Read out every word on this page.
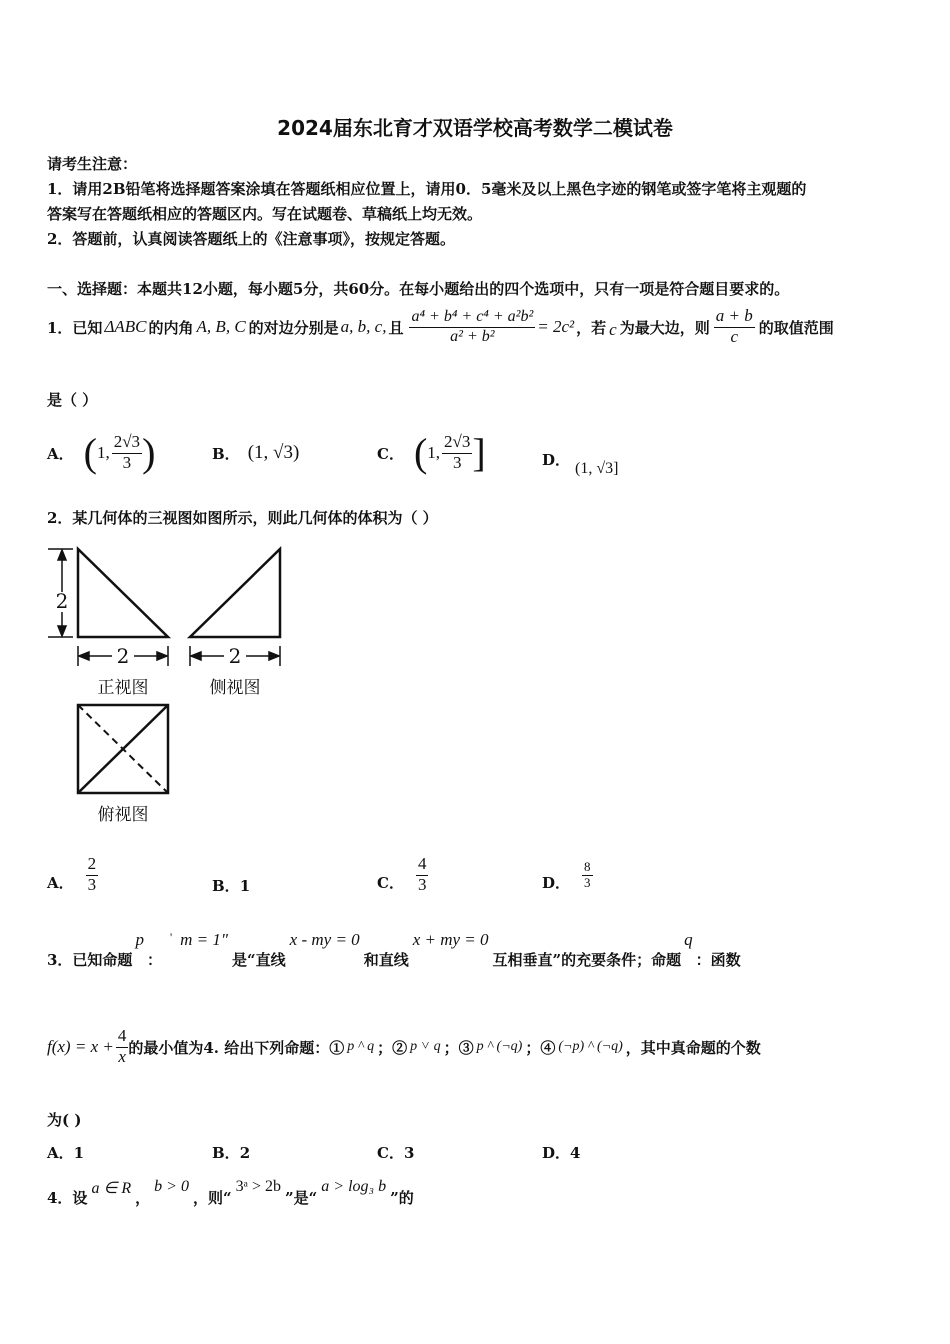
2024届东北育才双语学校高考数学二模试卷
请考生注意：
1．请用2B铅笔将选择题答案涂填在答题纸相应位置上，请用0．5毫米及以上黑色字迹的钢笔或签字笔将主观题的
答案写在答题纸相应的答题区内。写在试题卷、草稿纸上均无效。
2．答题前，认真阅读答题纸上的《注意事项》，按规定答题。
一、选择题：本题共12小题，每小题5分，共60分。在每小题给出的四个选项中，只有一项是符合题目要求的。
1．已知 ΔABC 的内角 A, B, C 的对边分别是 a, b, c, 且 $\frac{\text{a⁴ + b⁴ + c⁴ + a²b²}}{\text{a² + b²}} = 2c^2$ ，若 c 为最大边，则 $\frac{a + b}{c}$ 的取值范围
是（ ）
A． ( 1, $\frac{2√3}{3}$ )	B． (1, √3)	C． ( 1, $\frac{2√3}{3}$ ]	D． (1, √3]
2．某几何体的三视图如图所示，则此几何体的体积为（ ）
2
2	2
正视图	侧视图
俯视图
A． $\frac{2}{3}$	B．1	C． $\frac{4}{3}$	D． $\frac{8}{3}$
3．已知命题
p
：
' m = 1"
是“直线
x - my = 0
和直线
x + my = 0
互相垂直”的充要条件；命题
q
：函数
$f(x) = x + \frac{4}{x}$ 的最小值为4. 给出下列命题：① p ^ q ；② p ˅ q ；③ p ^ (¬q) ；④ (¬p) ^ (¬q) ，其中真命题的个数
为( )
A．1	B．2	C．3	D．4
4．设
a ∈ R
，
b > 0
，则“
3ᵃ > 2b
”是“
a > log₃ b
”的
